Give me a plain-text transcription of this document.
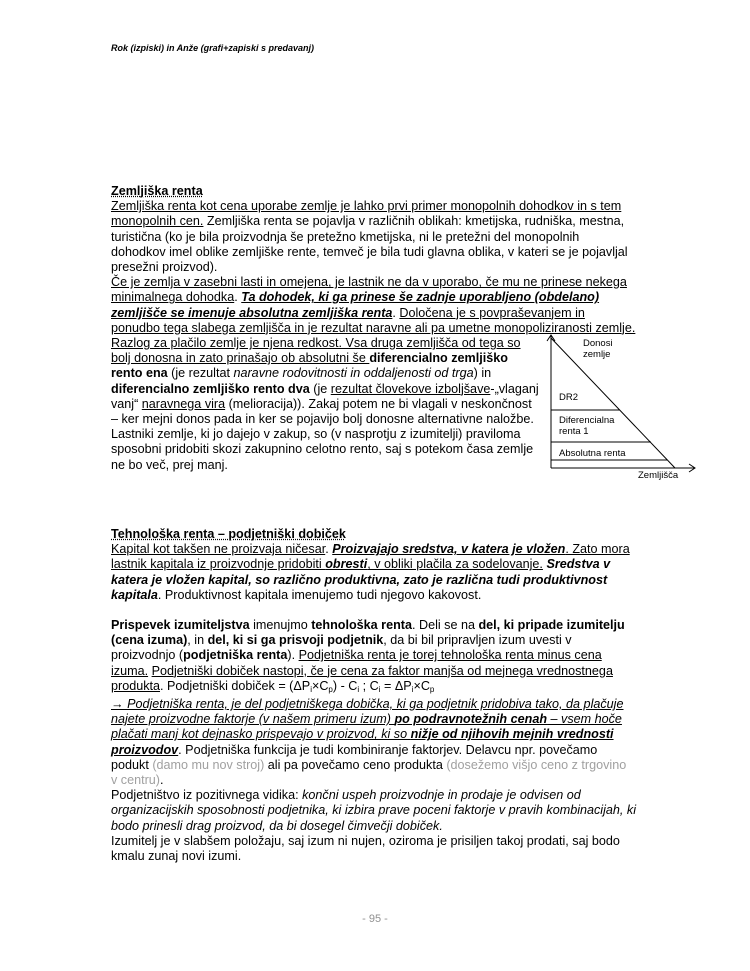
Rok (izpiski) in Anže (grafi+zapiski s predavanj)

Zemljiška renta

Zemljiška renta kot cena uporabe zemlje je lahko prvi primer monopolnih dohodkov in s tem monopolnih cen. Zemljiška renta se pojavlja v različnih oblikah: kmetijska, rudniška, mestna, turistična (ko je bila proizvodnja še pretežno kmetijska, ni le pretežni del monopolnih dohodkov imel oblike zemljiške rente, temveč je bila tudi glavna oblika, v kateri se je pojavljal presežni proizvod).

Če je zemlja v zasebni lasti in omejena, je lastnik ne da v uporabo, če mu ne prinese nekega minimalnega dohodka. Ta dohodek, ki ga prinese še zadnje uporabljeno (obdelano) zemljišče se imenuje absolutna zemljiška renta. Določena je s povpraševanjem in ponudbo tega slabega zemljišča in je rezultat naravne ali pa umetne monopoliziranosti zemlje.

Razlog za plačilo zemlje je njena redkost. Vsa druga zemljišča od tega so bolj donosna in zato prinašajo ob absolutni še diferencialno zemljiško rento ena (je rezultat naravne rodovitnosti in oddaljenosti od trga) in diferencialno zemljiško rento dva (je rezultat človekove izboljšave-„vlaganj vanj“ naravnega vira (melioracija)). Zakaj potem ne bi vlagali v neskončnost – ker mejni donos pada in ker se pojavijo bolj donosne alternativne naložbe.

Lastniki zemlje, ki jo dajejo v zakup, so (v nasprotju z izumitelji) praviloma sposobni pridobiti skozi zakupnino celotno rento, saj s potekom časa zemlje ne bo več, prej manj.

Donosi
zemlje
DR2
Diferencialna
renta 1
Absolutna renta
Zemljišča

Tehnološka renta – podjetniški dobiček

Kapital kot takšen ne proizvaja ničesar. Proizvajajo sredstva, v katera je vložen. Zato mora lastnik kapitala iz proizvodnje pridobiti obresti, v obliki plačila za sodelovanje. Sredstva v katera je vložen kapital, so različno produktivna, zato je različna tudi produktivnost kapitala. Produktivnost kapitala imenujemo tudi njegovo kakovost.

Prispevek izumiteljstva imenujmo tehnološka renta. Deli se na del, ki pripade izumitelju (cena izuma), in del, ki si ga prisvoji podjetnik, da bi bil pripravljen izum uvesti v proizvodnjo (podjetniška renta). Podjetniška renta je torej tehnološka renta minus cena izuma. Podjetniški dobiček nastopi, če je cena za faktor manjša od mejnega vrednostnega produkta. Podjetniški dobiček = $(\Delta P_i\times C_p) - C_i$ ; $C_i = \Delta P_i\times C_p$

→ Podjetniška renta, je del podjetniškega dobička, ki ga podjetnik pridobiva tako, da plačuje najete proizvodne faktorje (v našem primeru izum) po podravnotežnih cenah – vsem hoče plačati manj kot dejnasko prispevajo v proizvod, ki so nižje od njihovih mejnih vrednosti proizvodov. Podjetniška funkcija je tudi kombiniranje faktorjev. Delavcu npr. povečamo podukt (damo mu nov stroj) ali pa povečamo ceno produkta (dosežemo višjo ceno z trgovino v centru).

Podjetništvo iz pozitivnega vidika: končni uspeh proizvodnje in prodaje je odvisen od organizacijskih sposobnosti podjetnika, ki izbira prave poceni faktorje v pravih kombinacijah, ki bodo prinesli drag proizvod, da bi dosegel čimvečji dobiček.

Izumitelj je v slabšem položaju, saj izum ni nujen, oziroma je prisiljen takoj prodati, saj bodo kmalu zunaj novi izumi.

- 95 -
